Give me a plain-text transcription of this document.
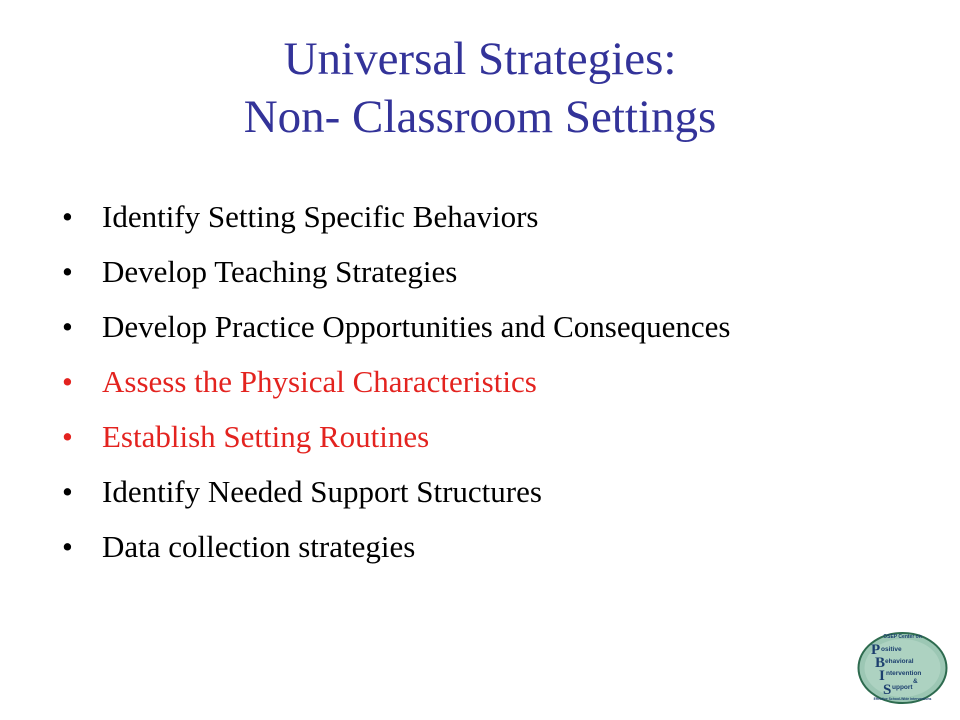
Universal Strategies:
Non- Classroom Settings
• Identify Setting Specific Behaviors
• Develop Teaching Strategies
• Develop Practice Opportunities and Consequences
• Assess the Physical Characteristics
• Establish Setting Routines
• Identify Needed Support Structures
• Data collection strategies
OSEP Center on
P ositive
B ehavioral
I ntervention
&
S upport
Effective School-Wide Interventions
